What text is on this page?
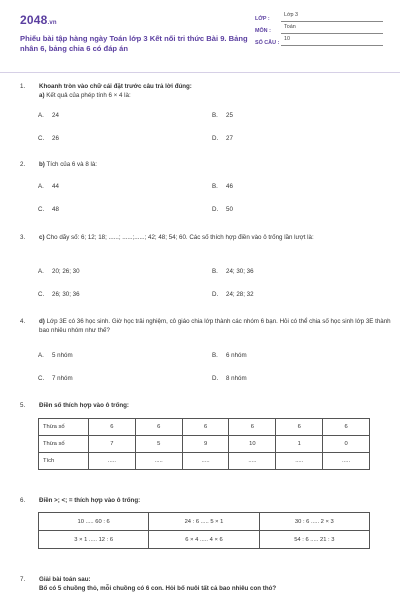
2048.vn
Phiếu bài tập hàng ngày Toán lớp 3 Kết nối tri thức Bài 9. Bảng nhân 6, bảng chia 6 có đáp án
LỚP :
Lớp 3
MÔN :
Toán
SỐ CÂU :
10
1.	Khoanh tròn vào chữ cái đặt trước câu trả lời đúng:
a) Kết quả của phép tính 6 × 4 là:
A. 24	B. 25
C. 26	D. 27
2.	b) Tích của 6 và 8 là:
A. 44	B. 46
C. 48	D. 50
3.	c) Cho dãy số: 6; 12; 18; ......; ......;......; 42; 48; 54; 60. Các số thích hợp điền vào ô trống lần lượt là:
A. 20; 26; 30	B. 24; 30; 36
C. 26; 30; 36	D. 24; 28; 32
4.	d) Lớp 3E có 36 học sinh. Giờ học trải nghiệm, cô giáo chia lớp thành các nhóm 6 bạn. Hỏi có thể chia số học sinh lớp 3E thành bao nhiêu nhóm như thế?
A. 5 nhóm	B. 6 nhóm
C. 7 nhóm	D. 8 nhóm
5.	Điền số thích hợp vào ô trống:
Thừa số	6	6	6	6	6	6
Thừa số	7	5	9	10	1	0
Tích	.....	.....	.....	.....	.....	.....
6.	Điền >; <; = thích hợp vào ô trống:
10 ..... 60 : 6	24 : 6 ..... 5 × 1	30 : 6 ..... 2 × 3
3 × 1 ..... 12 : 6	6 × 4 ..... 4 × 6	54 : 6 ..... 21 : 3
7.	Giải bài toán sau:
Bố có 5 chuồng thỏ, mỗi chuồng có 6 con. Hỏi bố nuôi tất cả bao nhiêu con thỏ?
